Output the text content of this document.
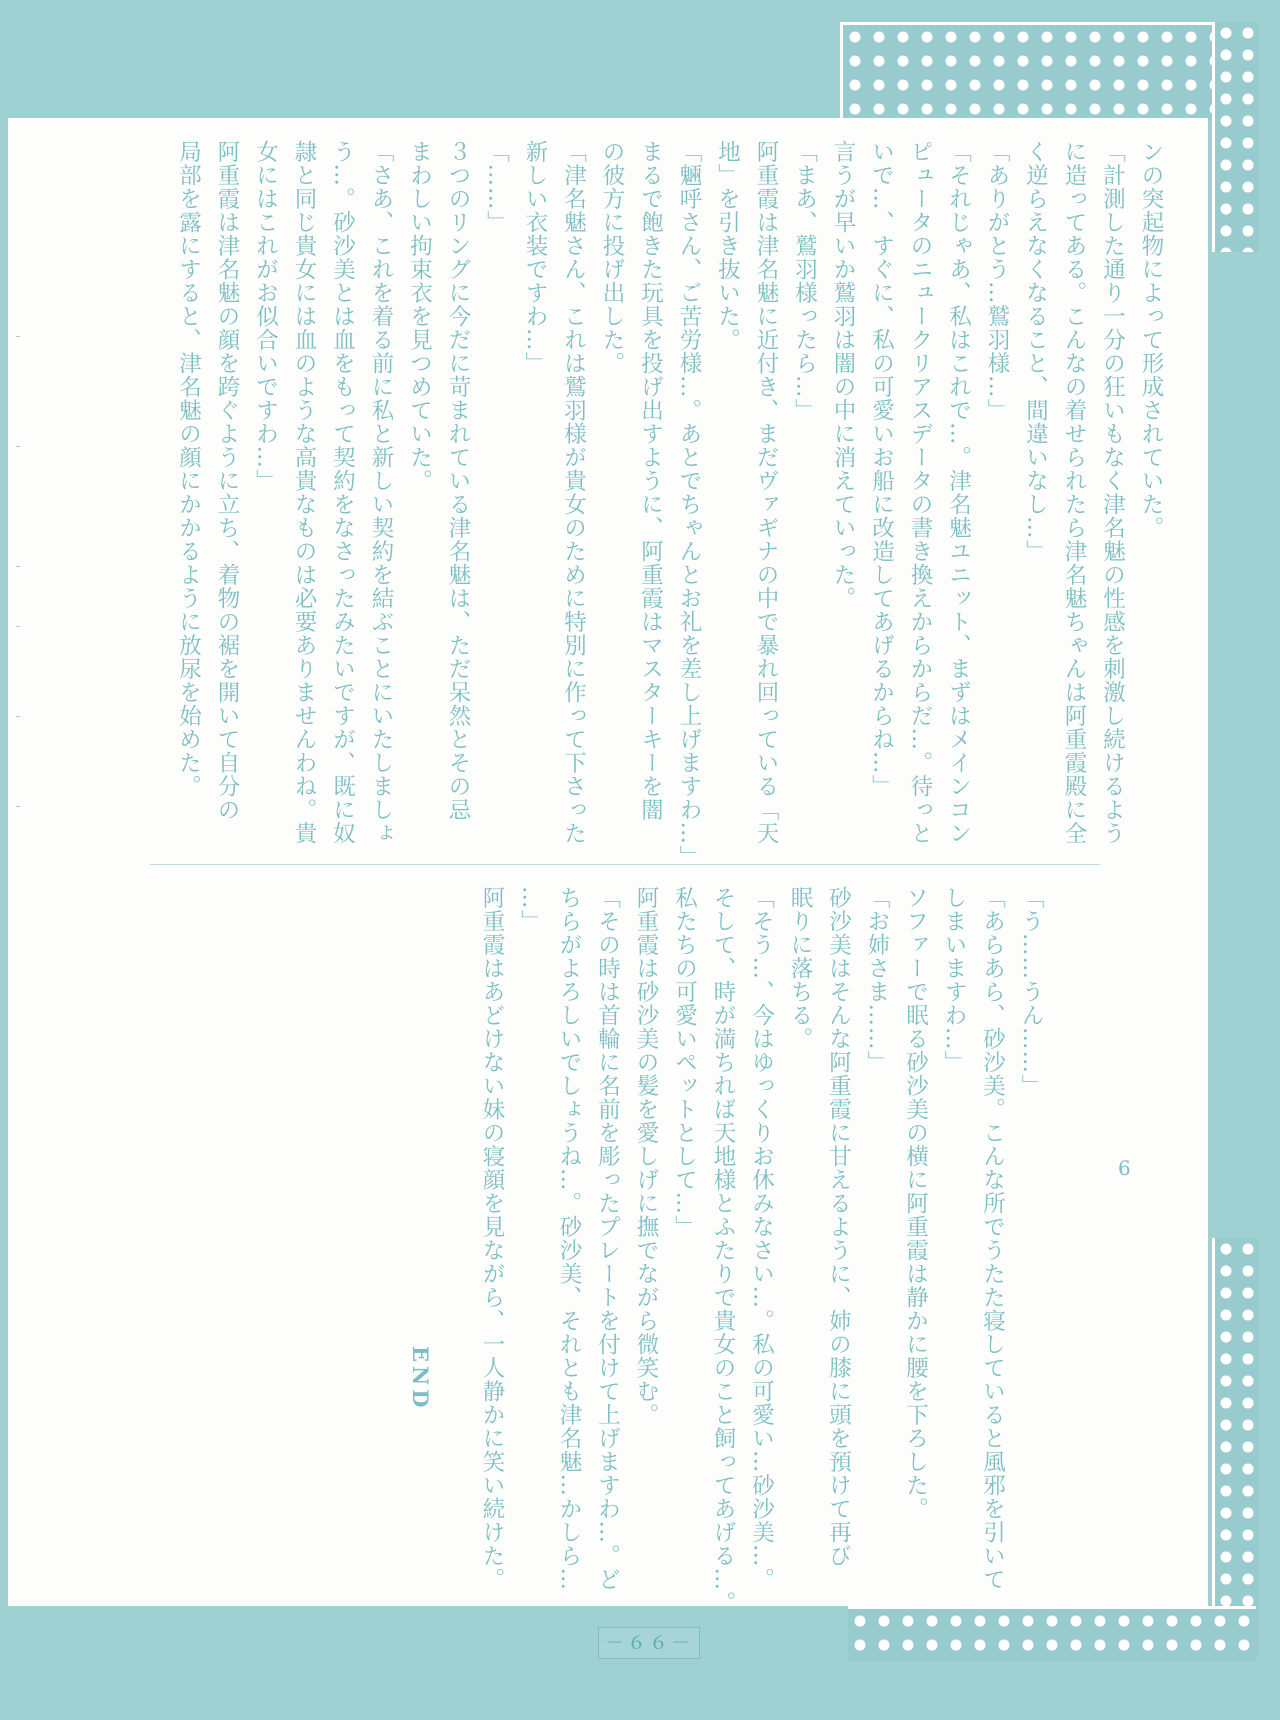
ンの突起物によって形成されていた。
「計測した通り一分の狂いもなく津名魅の性感を刺激し続けるよう
に造ってある。こんなの着せられたら津名魅ちゃんは阿重霞殿に全
く逆らえなくなること、間違いなし…」
「ありがとう…鷲羽様…」
「それじゃあ、私はこれで…。津名魅ユニット、まずはメインコン
ピュータのニュークリアスデータの書き換えからからだ…。待っと
いで…、すぐに、私の可愛いお船に改造してあげるからね…」
言うが早いか鷲羽は闇の中に消えていった。
「まあ、鷲羽様ったら…」
阿重霞は津名魅に近付き、まだヴァギナの中で暴れ回っている「天
地」を引き抜いた。
「魎呼さん、ご苦労様…。あとでちゃんとお礼を差し上げますわ…」
まるで飽きた玩具を投げ出すように、阿重霞はマスターキーを闇
の彼方に投げ出した。
「津名魅さん、これは鷲羽様が貴女のために特別に作って下さった
新しい衣装ですわ…」
「……」
３つのリングに今だに苛まれている津名魅は、ただ呆然とその忌
まわしい拘束衣を見つめていた。
「さあ、これを着る前に私と新しい契約を結ぶことにいたしましょ
う…。砂沙美とは血をもって契約をなさったみたいですが、既に奴
隷と同じ貴女には血のような高貴なものは必要ありませんわね。貴
女にはこれがお似合いですわ…」
阿重霞は津名魅の顔を跨ぐように立ち、着物の裾を開いて自分の
局部を露にすると、津名魅の顔にかかるように放尿を始めた。
6
「う……うん……」
「あらあら、砂沙美。こんな所でうたた寝していると風邪を引いて
しまいますわ…」
ソファーで眠る砂沙美の横に阿重霞は静かに腰を下ろした。
「お姉さま……」
砂沙美はそんな阿重霞に甘えるように、姉の膝に頭を預けて再び
眠りに落ちる。
「そう…、今はゆっくりお休みなさい…。私の可愛い…砂沙美…。
そして、時が満ちれば天地様とふたりで貴女のこと飼ってあげる…。
私たちの可愛いペットとして…」
阿重霞は砂沙美の髪を愛しげに撫でながら微笑む。
「その時は首輪に名前を彫ったプレートを付けて上げますわ…。ど
ちらがよろしいでしょうね…。砂沙美、それとも津名魅…かしら…
…」
阿重霞はあどけない妹の寝顔を見ながら、一人静かに笑い続けた。
END
－６６－
